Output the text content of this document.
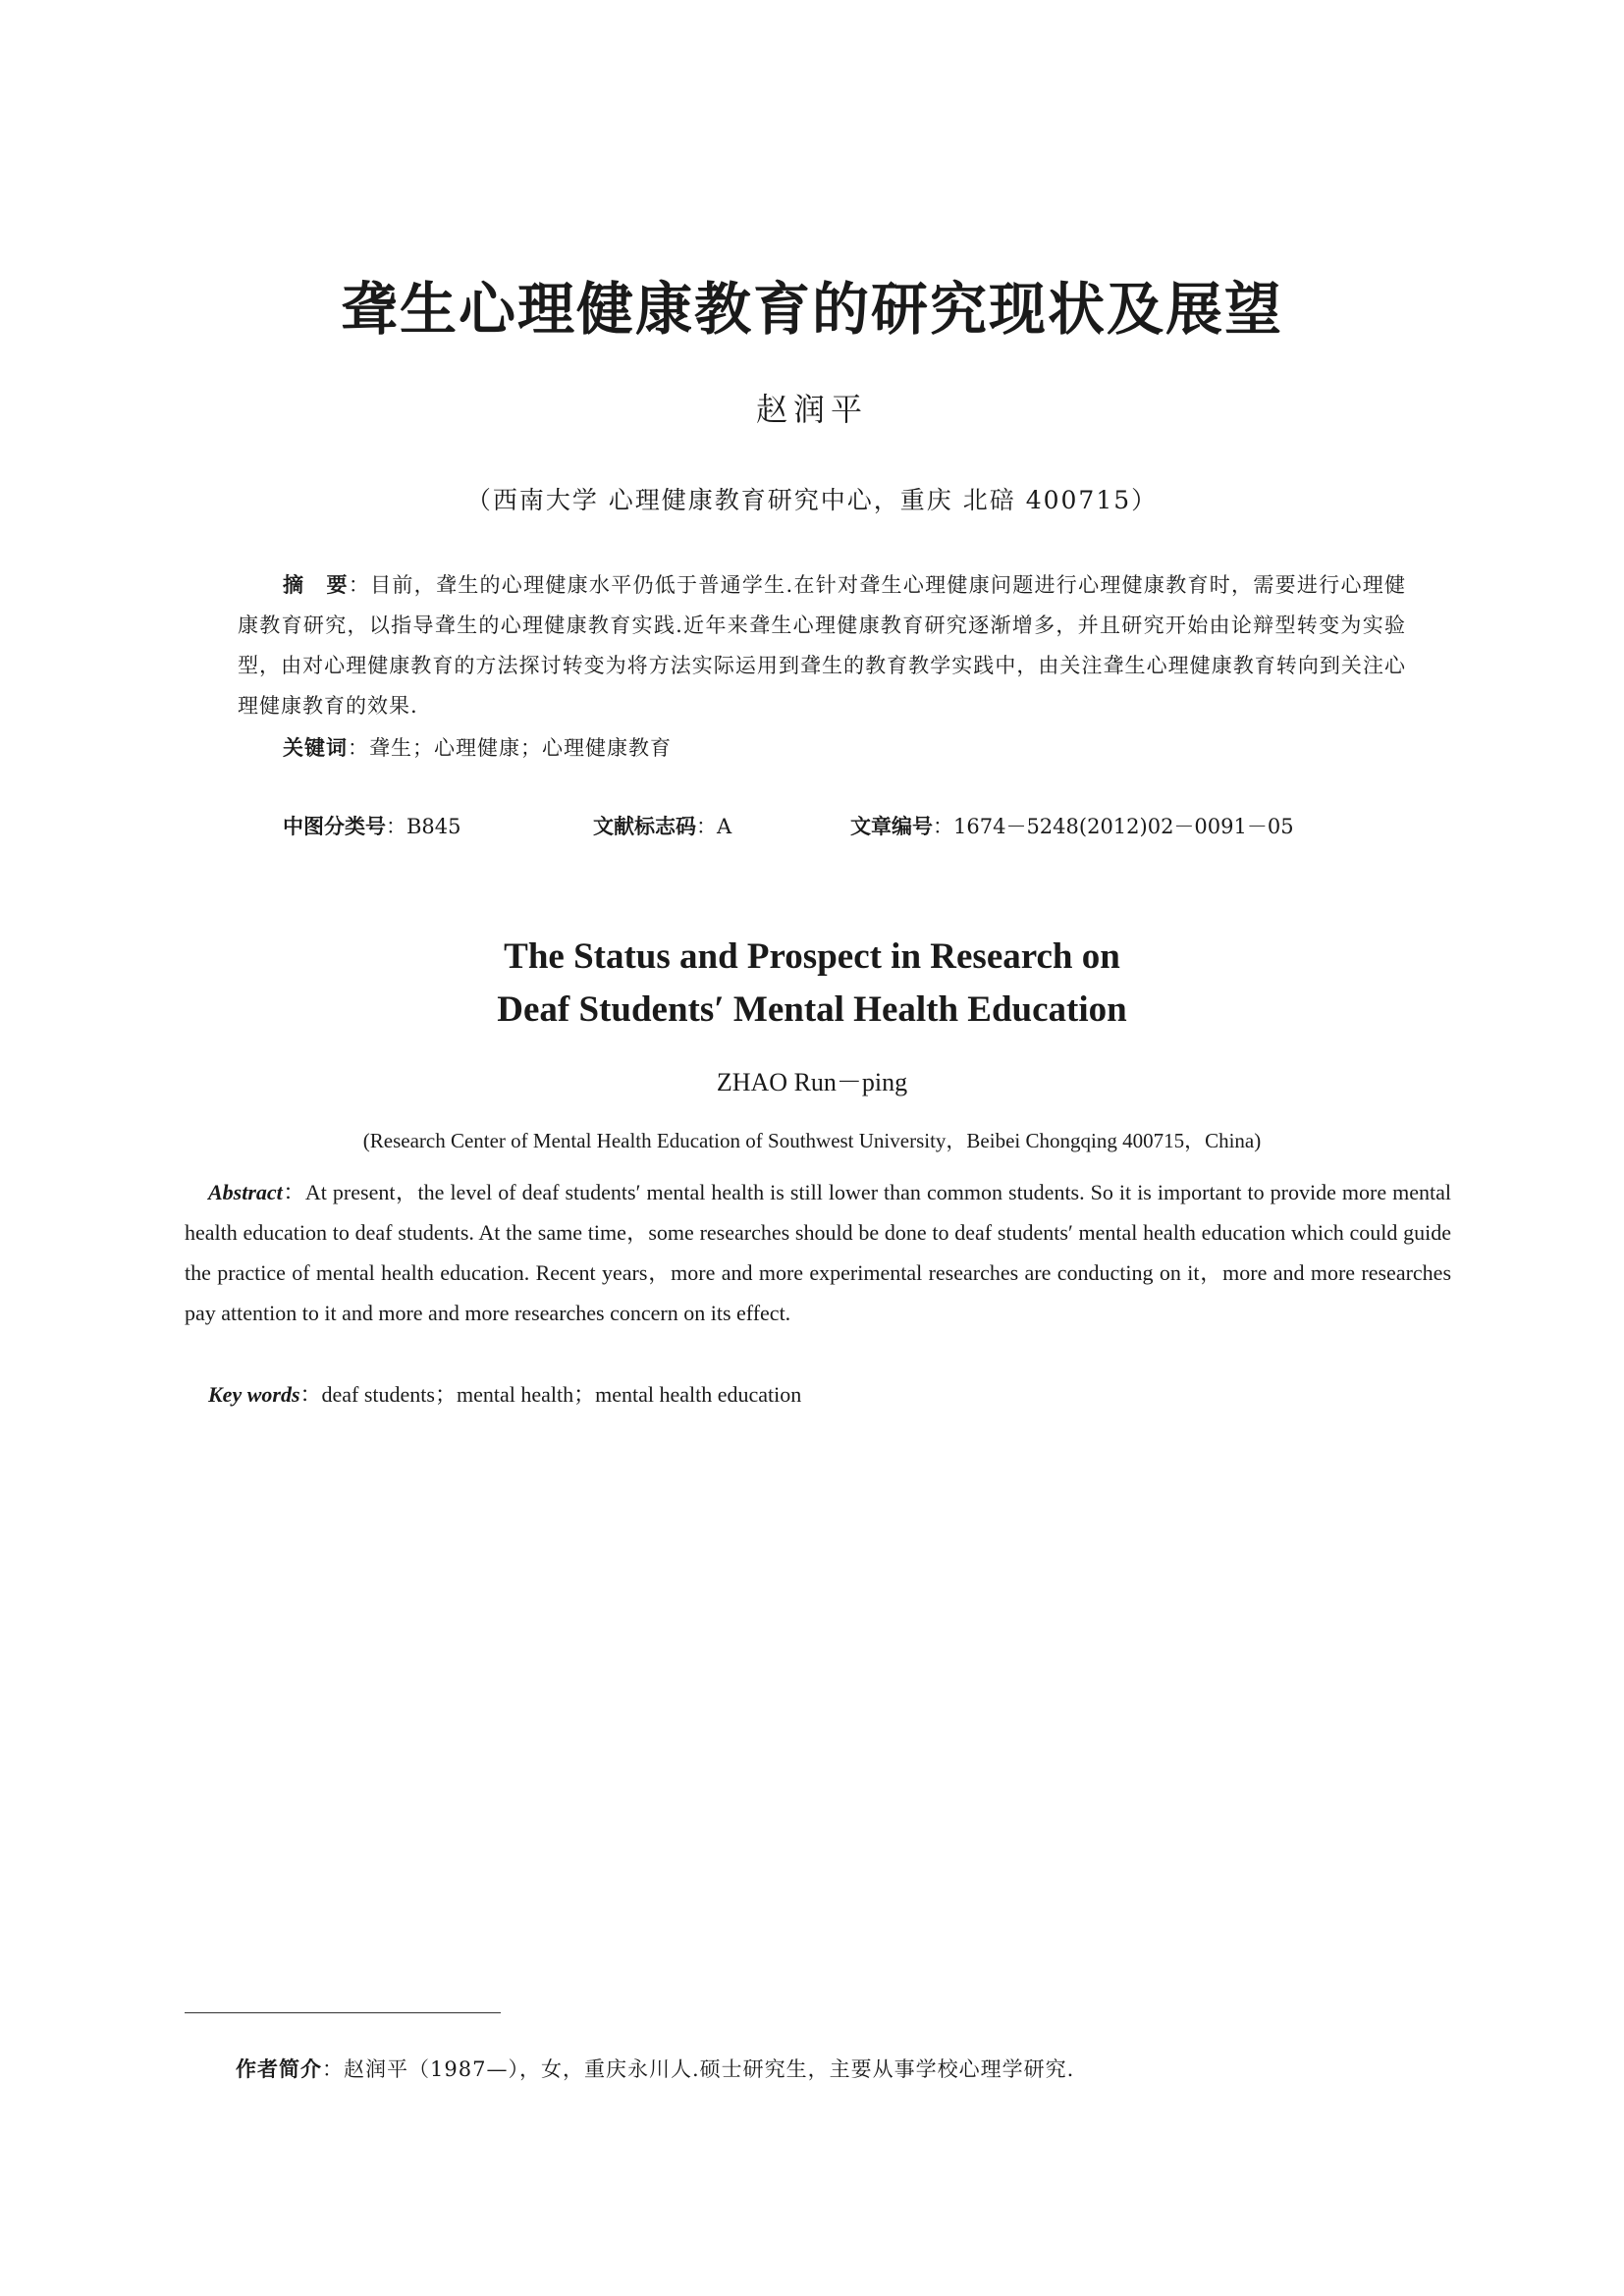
聋生心理健康教育的研究现状及展望
赵润平
（西南大学 心理健康教育研究中心，重庆 北碚 400715）
摘　要：目前，聋生的心理健康水平仍低于普通学生.在针对聋生心理健康问题进行心理健康教育时，需要进行心理健康教育研究，以指导聋生的心理健康教育实践.近年来聋生心理健康教育研究逐渐增多，并且研究开始由论辩型转变为实验型，由对心理健康教育的方法探讨转变为将方法实际运用到聋生的教育教学实践中，由关注聋生心理健康教育转向到关注心理健康教育的效果.
关键词：聋生；心理健康；心理健康教育
中图分类号：B845	文献标志码：A	文章编号：1674－5248(2012)02－0091－05
The Status and Prospect in Research on
Deaf Students′ Mental Health Education
ZHAO Run－ping
(Research Center of Mental Health Education of Southwest University，Beibei Chongqing 400715，China)
Abstract：At present，the level of deaf students′ mental health is still lower than common students. So it is important to provide more mental health education to deaf students. At the same time，some researches should be done to deaf students′ mental health education which could guide the practice of mental health education. Recent years，more and more experimental researches are conducting on it，more and more researches pay attention to it and more and more researches concern on its effect.
Key words：deaf students；mental health；mental health education
作者简介：赵润平（1987—），女，重庆永川人.硕士研究生，主要从事学校心理学研究.
